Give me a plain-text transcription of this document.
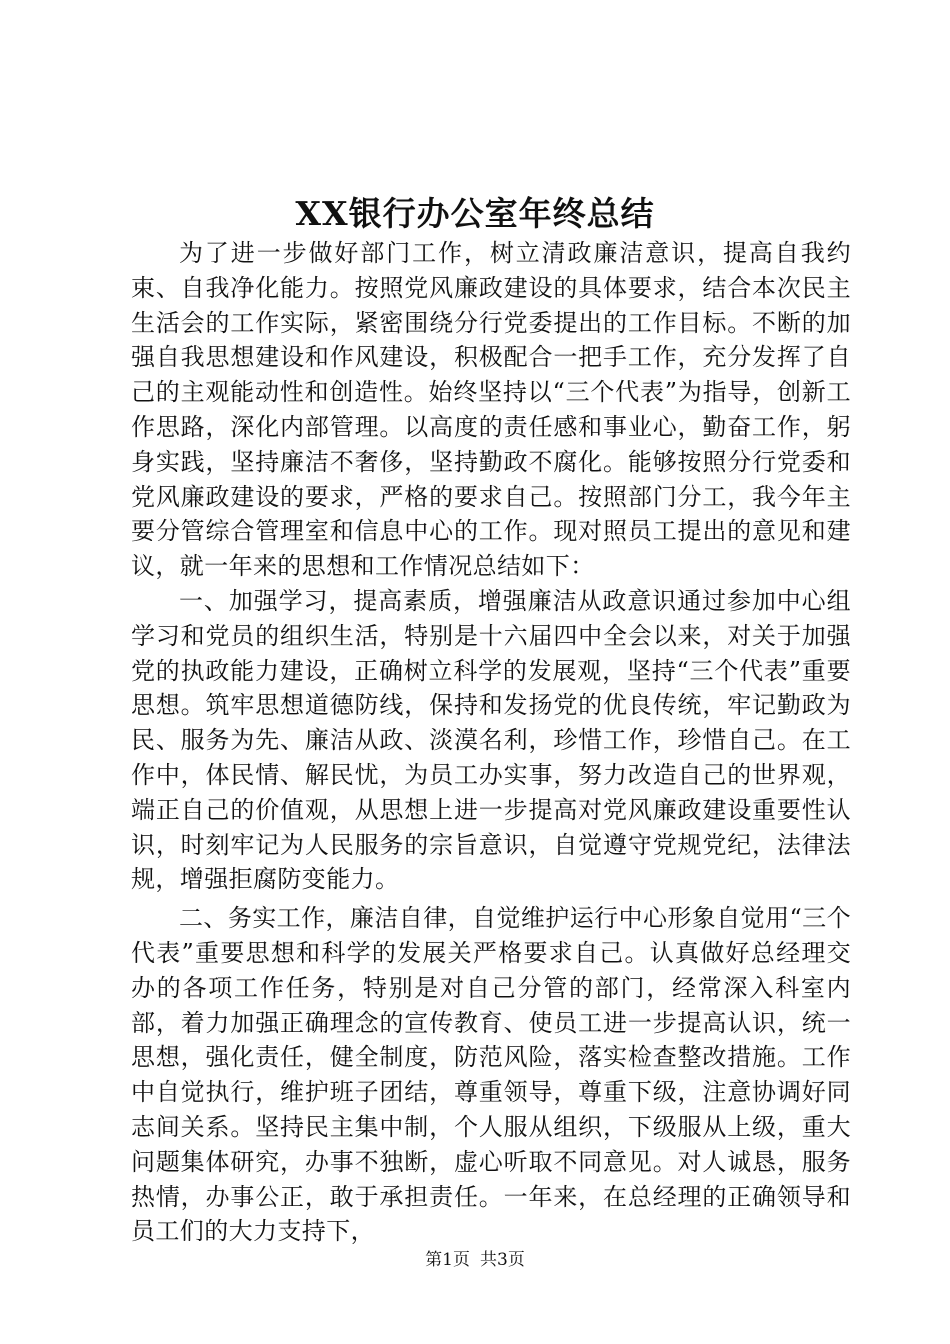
XX银行办公室年终总结

为了进一步做好部门工作，树立清政廉洁意识，提高自我约束、自我净化能力。按照党风廉政建设的具体要求，结合本次民主生活会的工作实际，紧密围绕分行党委提出的工作目标。不断的加强自我思想建设和作风建设，积极配合一把手工作，充分发挥了自己的主观能动性和创造性。始终坚持以“三个代表”为指导，创新工作思路，深化内部管理。以高度的责任感和事业心，勤奋工作，躬身实践，坚持廉洁不奢侈，坚持勤政不腐化。能够按照分行党委和党风廉政建设的要求，严格的要求自己。按照部门分工，我今年主要分管综合管理室和信息中心的工作。现对照员工提出的意见和建议，就一年来的思想和工作情况总结如下：

一、加强学习，提高素质，增强廉洁从政意识通过参加中心组学习和党员的组织生活，特别是十六届四中全会以来，对关于加强党的执政能力建设，正确树立科学的发展观，坚持“三个代表”重要思想。筑牢思想道德防线，保持和发扬党的优良传统，牢记勤政为民、服务为先、廉洁从政、淡漠名利，珍惜工作，珍惜自己。在工作中，体民情、解民忧，为员工办实事，努力改造自己的世界观，端正自己的价值观，从思想上进一步提高对党风廉政建设重要性认识，时刻牢记为人民服务的宗旨意识，自觉遵守党规党纪，法律法规，增强拒腐防变能力。

二、务实工作，廉洁自律，自觉维护运行中心形象自觉用“三个代表”重要思想和科学的发展关严格要求自己。认真做好总经理交办的各项工作任务，特别是对自己分管的部门，经常深入科室内部，着力加强正确理念的宣传教育、使员工进一步提高认识，统一思想，强化责任，健全制度，防范风险，落实检查整改措施。工作中自觉执行，维护班子团结，尊重领导，尊重下级，注意协调好同志间关系。坚持民主集中制，个人服从组织，下级服从上级，重大问题集体研究，办事不独断，虚心听取不同意见。对人诚恳，服务热情，办事公正，敢于承担责任。一年来，在总经理的正确领导和员工们的大力支持下，

第1页 共3页
